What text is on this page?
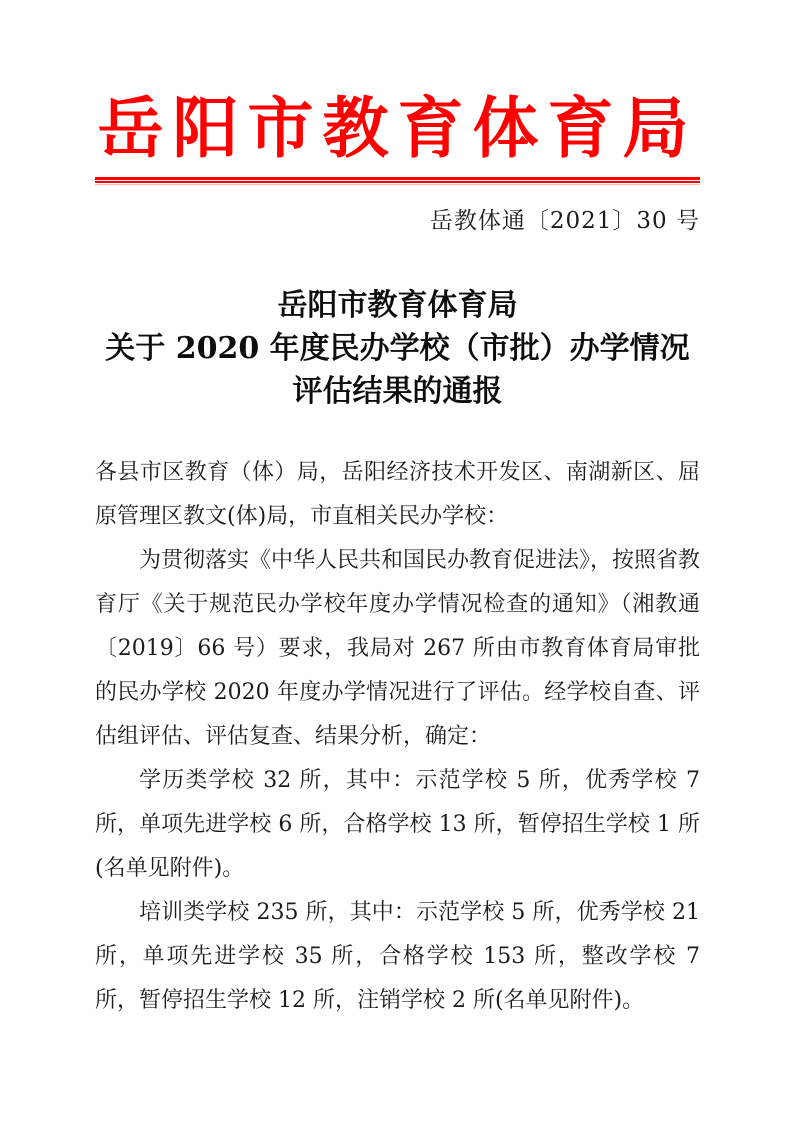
岳阳市教育体育局
岳教体通〔2021〕30 号
岳阳市教育体育局
关于 2020 年度民办学校（市批）办学情况
评估结果的通报

各县市区教育（体）局，岳阳经济技术开发区、南湖新区、屈原管理区教文(体)局，市直相关民办学校：

为贯彻落实《中华人民共和国民办教育促进法》，按照省教育厅《关于规范民办学校年度办学情况检查的通知》（湘教通〔2019〕66 号）要求，我局对 267 所由市教育体育局审批的民办学校 2020 年度办学情况进行了评估。经学校自查、评估组评估、评估复查、结果分析，确定：

学历类学校 32 所，其中：示范学校 5 所，优秀学校 7 所，单项先进学校 6 所，合格学校 13 所，暂停招生学校 1 所(名单见附件)。

培训类学校 235 所，其中：示范学校 5 所，优秀学校 21 所，单项先进学校 35 所，合格学校 153 所，整改学校 7 所，暂停招生学校 12 所，注销学校 2 所(名单见附件)。
